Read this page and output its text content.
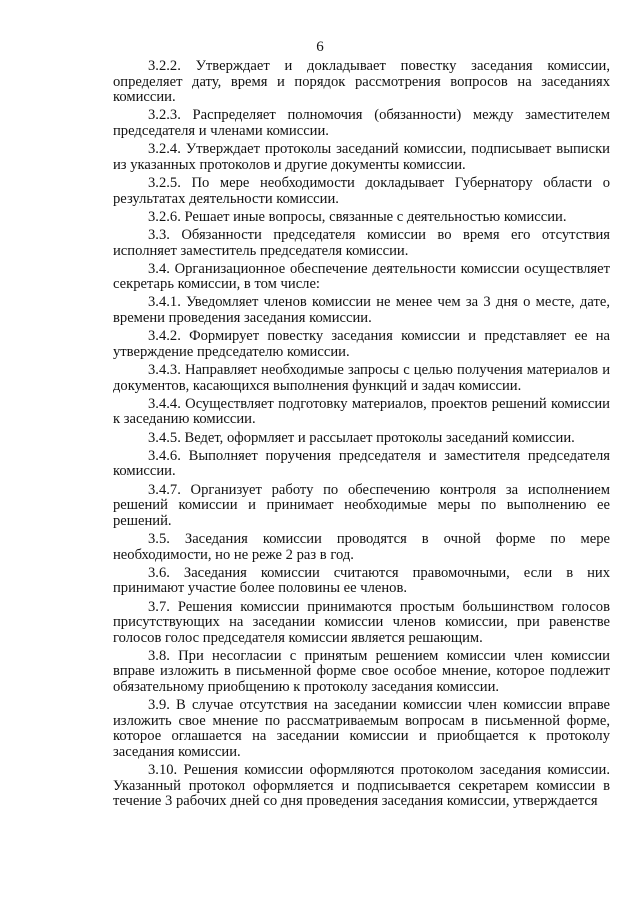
6

3.2.2. Утверждает и докладывает повестку заседания комиссии, определяет дату, время и порядок рассмотрения вопросов на заседаниях комиссии.

3.2.3. Распределяет полномочия (обязанности) между заместителем председателя и членами комиссии.

3.2.4. Утверждает протоколы заседаний комиссии, подписывает выписки из указанных протоколов и другие документы комиссии.

3.2.5. По мере необходимости докладывает Губернатору области о результатах деятельности комиссии.

3.2.6. Решает иные вопросы, связанные с деятельностью комиссии.

3.3. Обязанности председателя комиссии во время его отсутствия исполняет заместитель председателя комиссии.

3.4. Организационное обеспечение деятельности комиссии осуществляет секретарь комиссии, в том числе:

3.4.1. Уведомляет членов комиссии не менее чем за 3 дня о месте, дате, времени проведения заседания комиссии.

3.4.2. Формирует повестку заседания комиссии и представляет ее на утверждение председателю комиссии.

3.4.3. Направляет необходимые запросы с целью получения материалов и документов, касающихся выполнения функций и задач комиссии.

3.4.4. Осуществляет подготовку материалов, проектов решений комиссии к заседанию комиссии.

3.4.5. Ведет, оформляет и рассылает протоколы заседаний комиссии.

3.4.6. Выполняет поручения председателя и заместителя председателя комиссии.

3.4.7. Организует работу по обеспечению контроля за исполнением решений комиссии и принимает необходимые меры по выполнению ее решений.

3.5. Заседания комиссии проводятся в очной форме по мере необходимости, но не реже 2 раз в год.

3.6. Заседания комиссии считаются правомочными, если в них принимают участие более половины ее членов.

3.7. Решения комиссии принимаются простым большинством голосов присутствующих на заседании комиссии членов комиссии, при равенстве голосов голос председателя комиссии является решающим.

3.8. При несогласии с принятым решением комиссии член комиссии вправе изложить в письменной форме свое особое мнение, которое подлежит обязательному приобщению к протоколу заседания комиссии.

3.9. В случае отсутствия на заседании комиссии член комиссии вправе изложить свое мнение по рассматриваемым вопросам в письменной форме, которое оглашается на заседании комиссии и приобщается к протоколу заседания комиссии.

3.10. Решения комиссии оформляются протоколом заседания комиссии. Указанный протокол оформляется и подписывается секретарем комиссии в течение 3 рабочих дней со дня проведения заседания комиссии, утверждается
